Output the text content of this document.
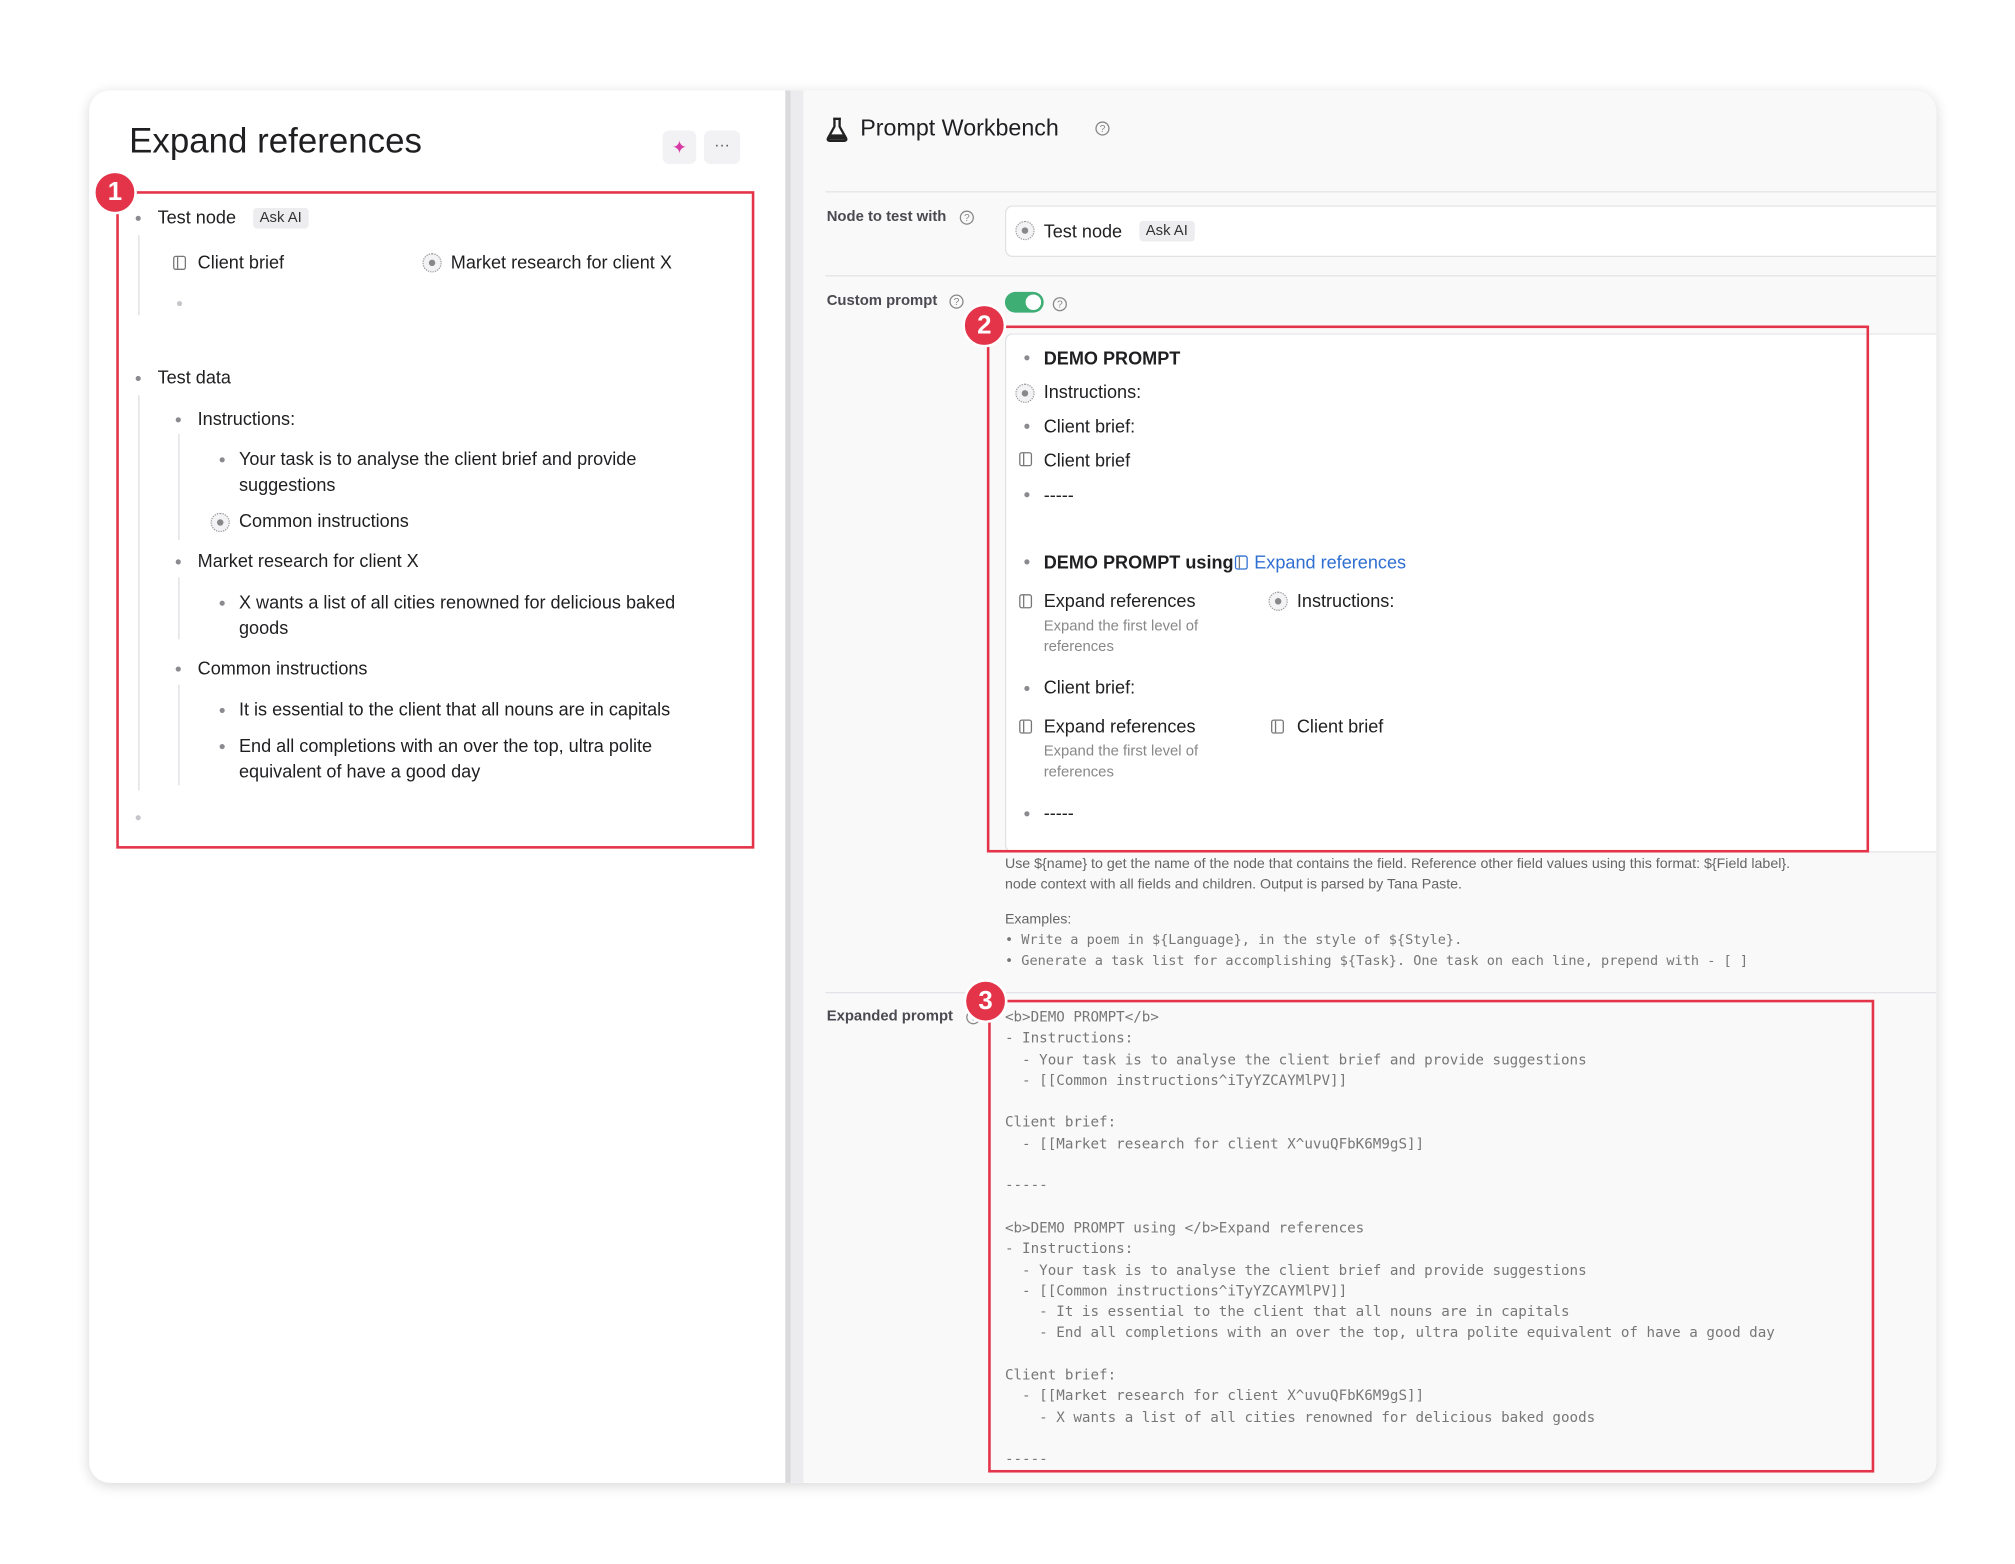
Expand references	✦	···
Test node	Ask AI
Client brief	Market research for client X
Test data
Instructions:
Your task is to analyse the client brief and provide
suggestions
Common instructions
Market research for client X
X wants a list of all cities renowned for delicious baked
goods
Common instructions
It is essential to the client that all nouns are in capitals
End all completions with an over the top, ultra polite
equivalent of have a good day
1
Prompt Workbench	?
Node to test with	?
Test node	Ask AI
Custom prompt	?	?
DEMO PROMPT
Instructions:
Client brief:
Client brief
-----
DEMO PROMPT using Expand references
Expand references
Expand the first level of
references
Instructions:
Client brief:
Expand references
Expand the first level of
references
Client brief
-----
Use ${name} to get the name of the node that contains the field. Reference other field values using this format: ${Field label}.
node context with all fields and children. Output is parsed by Tana Paste.
Examples:
• Write a poem in ${Language}, in the style of ${Style}.
• Generate a task list for accomplishing ${Task}. One task on each line, prepend with - [ ]
Expanded prompt	<b>DEMO PROMPT</b>
- Instructions:
- Your task is to analyse the client brief and provide suggestions
- [[Common instructions^iTyYZCAYMlPV]]

Client brief:
- [[Market research for client X^uvuQFbK6M9gS]]

-----

<b>DEMO PROMPT using </b>Expand references
- Instructions:
- Your task is to analyse the client brief and provide suggestions
- [[Common instructions^iTyYZCAYMlPV]]
- It is essential to the client that all nouns are in capitals
- End all completions with an over the top, ultra polite equivalent of have a good day

Client brief:
- [[Market research for client X^uvuQFbK6M9gS]]
- X wants a list of all cities renowned for delicious baked goods

-----
2
3
